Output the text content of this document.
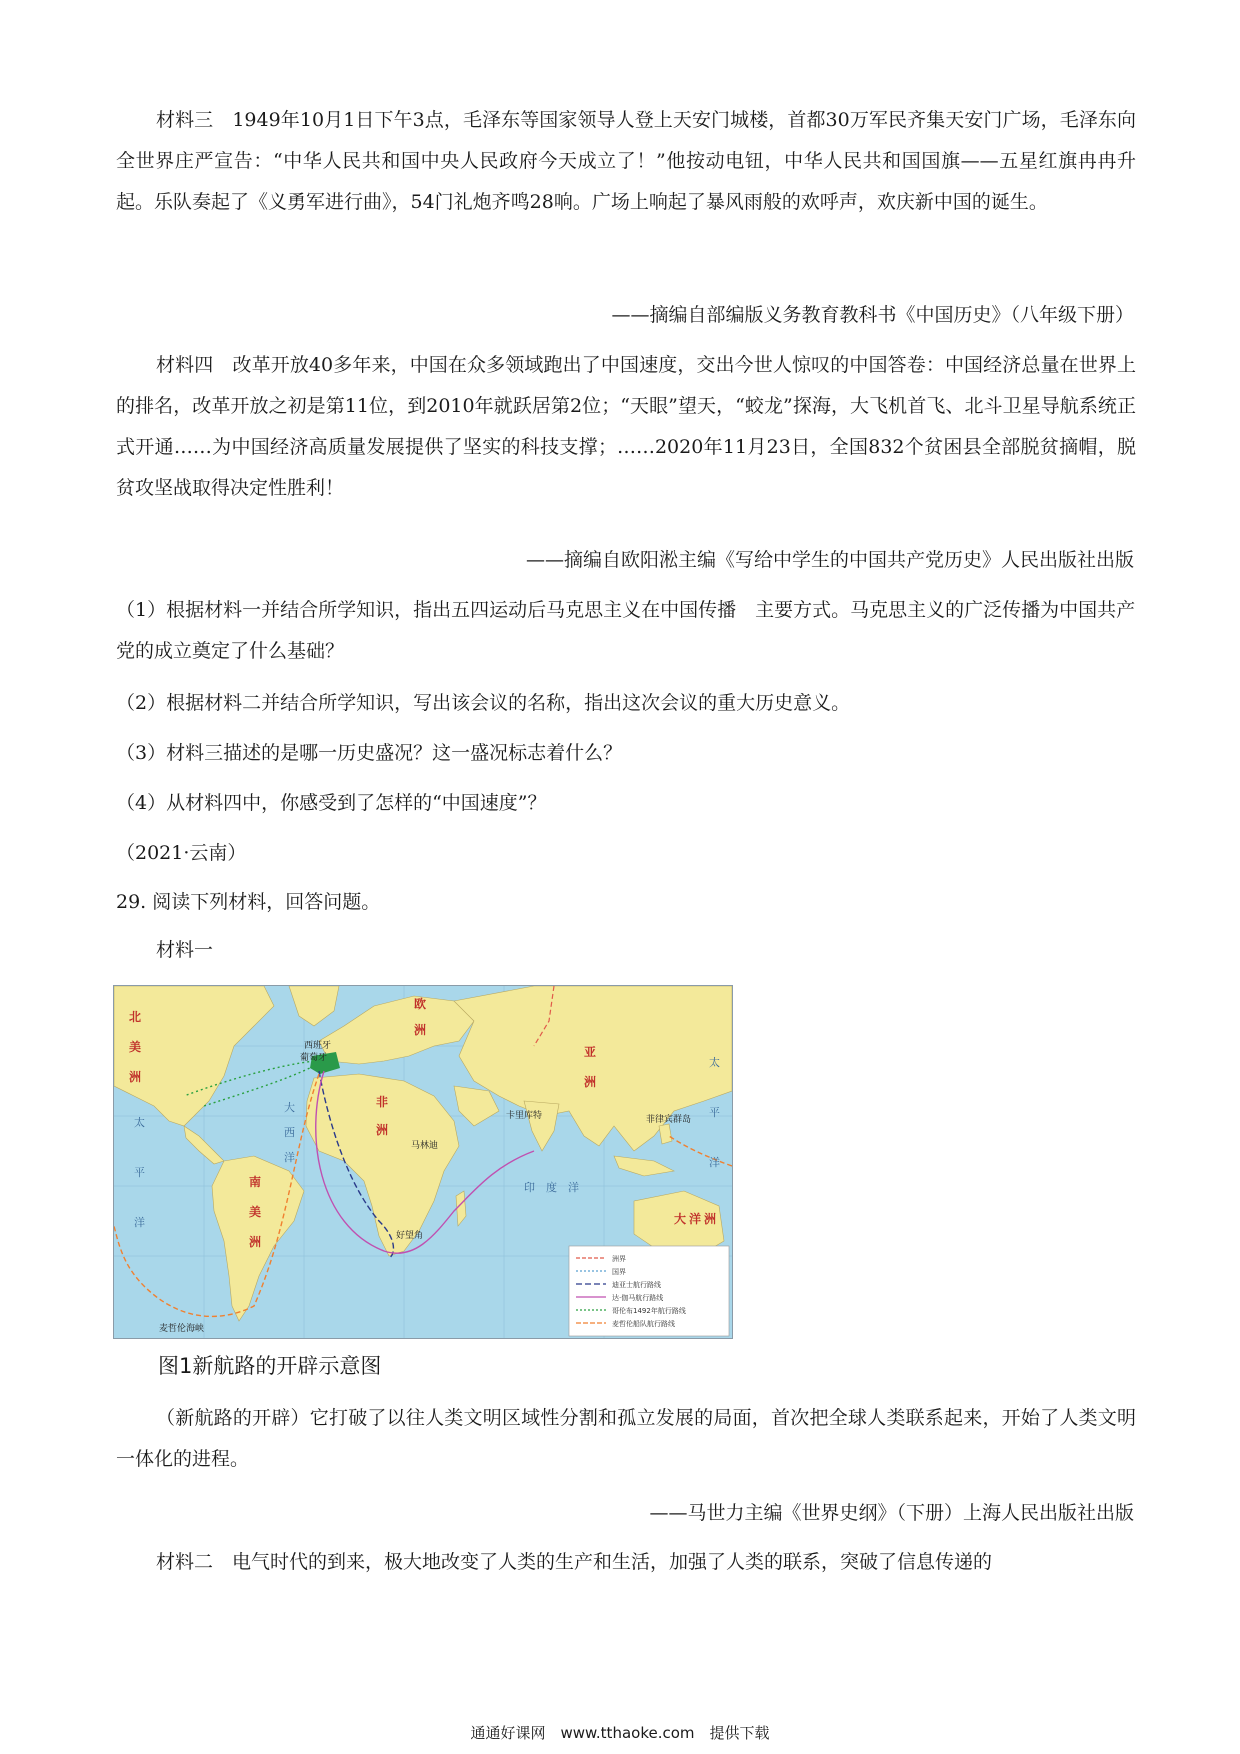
材料三　1949年10月1日下午3点，毛泽东等国家领导人登上天安门城楼，首都30万军民齐集天安门广场，毛泽东向全世界庄严宣告：“中华人民共和国中央人民政府今天成立了！”他按动电钮，中华人民共和国国旗——五星红旗冉冉升起。乐队奏起了《义勇军进行曲》，54门礼炮齐鸣28响。广场上响起了暴风雨般的欢呼声，欢庆新中国的诞生。
——摘编自部编版义务教育教科书《中国历史》（八年级下册）
材料四　改革开放40多年来，中国在众多领域跑出了中国速度，交出今世人惊叹的中国答卷：中国经济总量在世界上的排名，改革开放之初是第11位，到2010年就跃居第2位；“天眼”望天，“蛟龙”探海，大飞机首飞、北斗卫星导航系统正式开通……为中国经济高质量发展提供了坚实的科技支撑；……2020年11月23日，全国832个贫困县全部脱贫摘帽，脱贫攻坚战取得决定性胜利！
——摘编自欧阳淞主编《写给中学生的中国共产党历史》人民出版社出版
（1）根据材料一并结合所学知识，指出五四运动后马克思主义在中国传播　主要方式。马克思主义的广泛传播为中国共产党的成立奠定了什么基础？
（2）根据材料二并结合所学知识，写出该会议的名称，指出这次会议的重大历史意义。
（3）材料三描述的是哪一历史盛况？这一盛况标志着什么？
（4）从材料四中，你感受到了怎样的“中国速度”？
（2021·云南）
29. 阅读下列材料，回答问题。
材料一
西班牙
葡萄牙
卡里库特
马林迪
好望角
菲律宾群岛
麦哲伦海峡
北
美
洲
南
美
洲
欧
洲
亚
洲
非
洲
大 洋 洲
大
西
洋
印 度 洋
太
平
洋
太
平
洋
洲界
国界
迪亚士航行路线
达·伽马航行路线
哥伦布1492年航行路线
麦哲伦船队航行路线
图1新航路的开辟示意图
（新航路的开辟）它打破了以往人类文明区域性分割和孤立发展的局面，首次把全球人类联系起来，开始了人类文明一体化的进程。
——马世力主编《世界史纲》（下册）上海人民出版社出版
材料二　电气时代的到来，极大地改变了人类的生产和生活，加强了人类的联系，突破了信息传递的
通通好课网　www.tthaoke.com　提供下载
